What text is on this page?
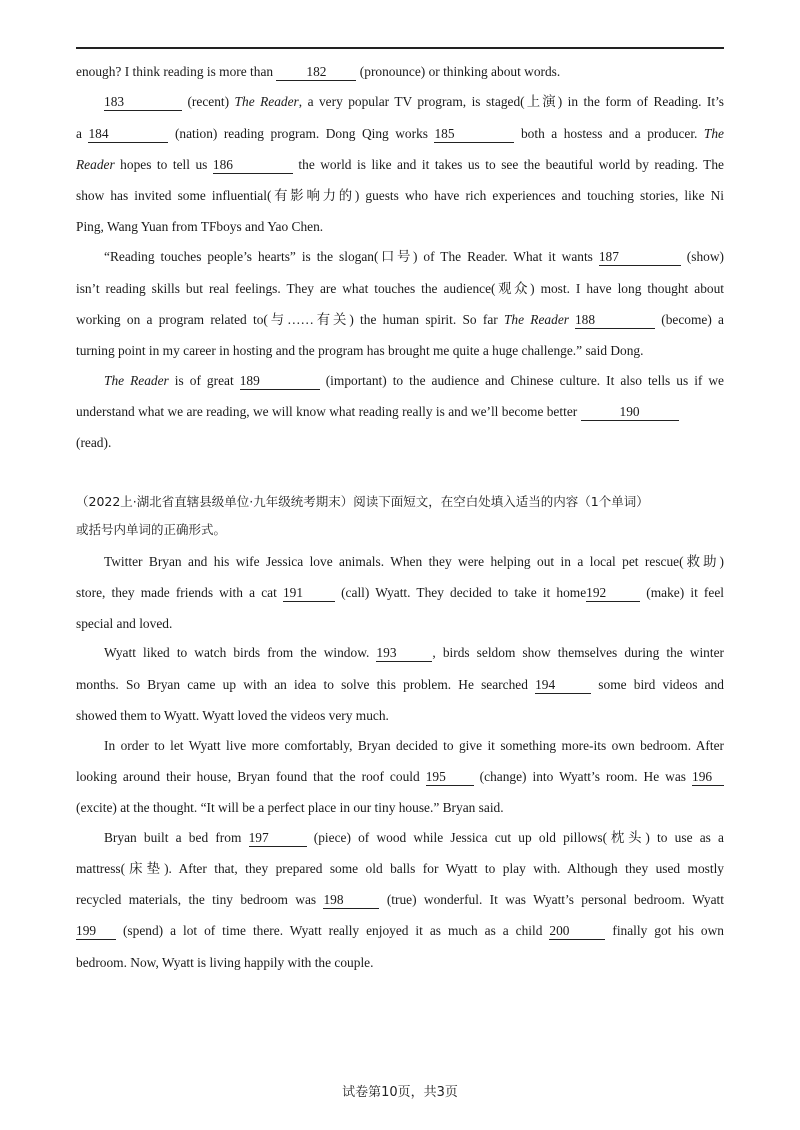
enough? I think reading is more than 182 (pronounce) or thinking about words.
183	(recent) The Reader, a very popular TV program, is staged(上演) in the form of Reading. It’s
a 184	(nation) reading program. Dong Qing works 185	both a hostess and a producer. The
Reader hopes to tell us 186	the world is like and it takes us to see the beautiful world by reading. The
show has invited some influential(有影响力的) guests who have rich experiences and touching stories, like Ni
Ping, Wang Yuan from TFboys and Yao Chen.
“Reading touches people’s hearts” is the slogan(口号) of The Reader. What it wants 187	(show)
isn’t reading skills but real feelings. They are what touches the audience(观众) most. I have long thought about
working on a program related to(与……有关) the human spirit. So far The Reader 188	(become) a
turning point in my career in hosting and the program has brought me quite a huge challenge.” said Dong.
The Reader is of great 189	(important) to the audience and Chinese culture. It also tells us if we
understand what we are reading, we will know what reading really is and we’ll become better	190
(read).
（2022上·湖北省直辖县级单位·九年级统考期末）阅读下面短文，在空白处填入适当的内容（1个单词）
或括号内单词的正确形式。
Twitter Bryan and his wife Jessica love animals. When they were helping out in a local pet rescue(救助)
store, they made friends with a cat 191 (call) Wyatt. They decided to take it home192	(make) it feel
special and loved.
Wyatt liked to watch birds from the window. 193	, birds seldom show themselves during the winter
months. So Bryan came up with an idea to solve this problem. He searched 194	some bird videos and
showed them to Wyatt. Wyatt loved the videos very much.
In order to let Wyatt live more comfortably, Bryan decided to give it something more-its own bedroom. After
looking around their house, Bryan found that the roof could 195 (change) into Wyatt’s room. He was 196
(excite) at the thought. “It will be a perfect place in our tiny house.” Bryan said.
Bryan built a bed from 197	(piece) of wood while Jessica cut up old pillows(枕头) to use as a
mattress(床垫). After that, they prepared some old balls for Wyatt to play with. Although they used mostly
recycled materials, the tiny bedroom was 198	(true) wonderful. It was Wyatt’s personal bedroom. Wyatt
199 (spend) a lot of time there. Wyatt really enjoyed it as much as a child 200	finally got his own
bedroom. Now, Wyatt is living happily with the couple.
试卷第10页，共3页
